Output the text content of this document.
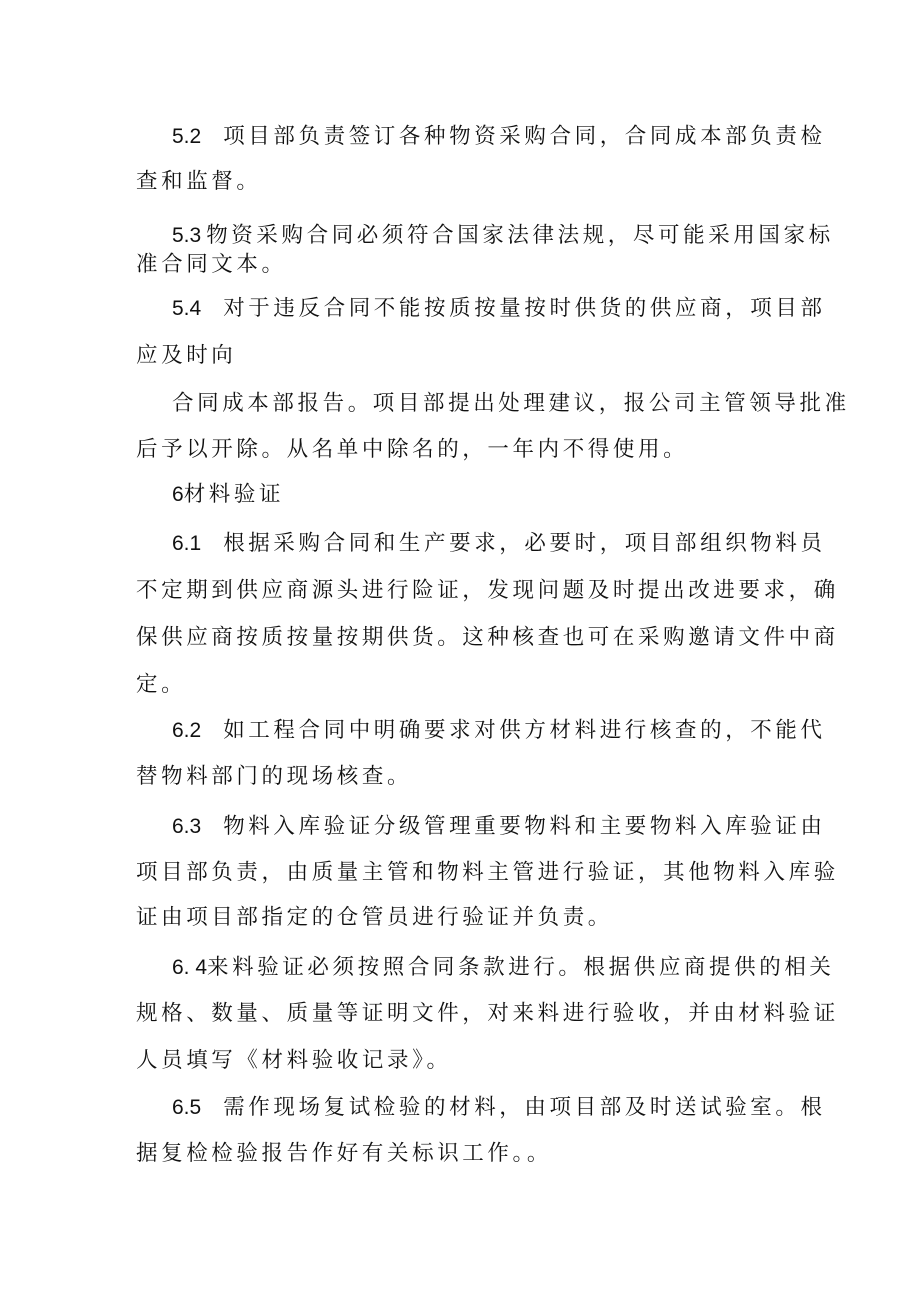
5.2 项目部负责签订各种物资采购合同，合同成本部负责检

查和监督。

5.3 物资采购合同必须符合国家法律法规，尽可能采用国家标

准合同文本。

5.4 对于违反合同不能按质按量按时供货的供应商，项目部

应及时向

合同成本部报告。项目部提出处理建议，报公司主管领导批准

后予以开除。从名单中除名的，一年内不得使用。

6材料验证

6.1 根据采购合同和生产要求，必要时，项目部组织物料员

不定期到供应商源头进行险证，发现问题及时提出改进要求，确

保供应商按质按量按期供货。这种核查也可在采购邀请文件中商

定。

6.2 如工程合同中明确要求对供方材料进行核查的，不能代

替物料部门的现场核查。

6.3 物料入库验证分级管理重要物料和主要物料入库验证由

项目部负责，由质量主管和物料主管进行验证，其他物料入库验

证由项目部指定的仓管员进行验证并负责。

6. 4来料验证必须按照合同条款进行。根据供应商提供的相关

规格、数量、质量等证明文件，对来料进行验收，并由材料验证

人员填写《材料验收记录》。

6.5 需作现场复试检验的材料，由项目部及时送试验室。根

据复检检验报告作好有关标识工作。。
